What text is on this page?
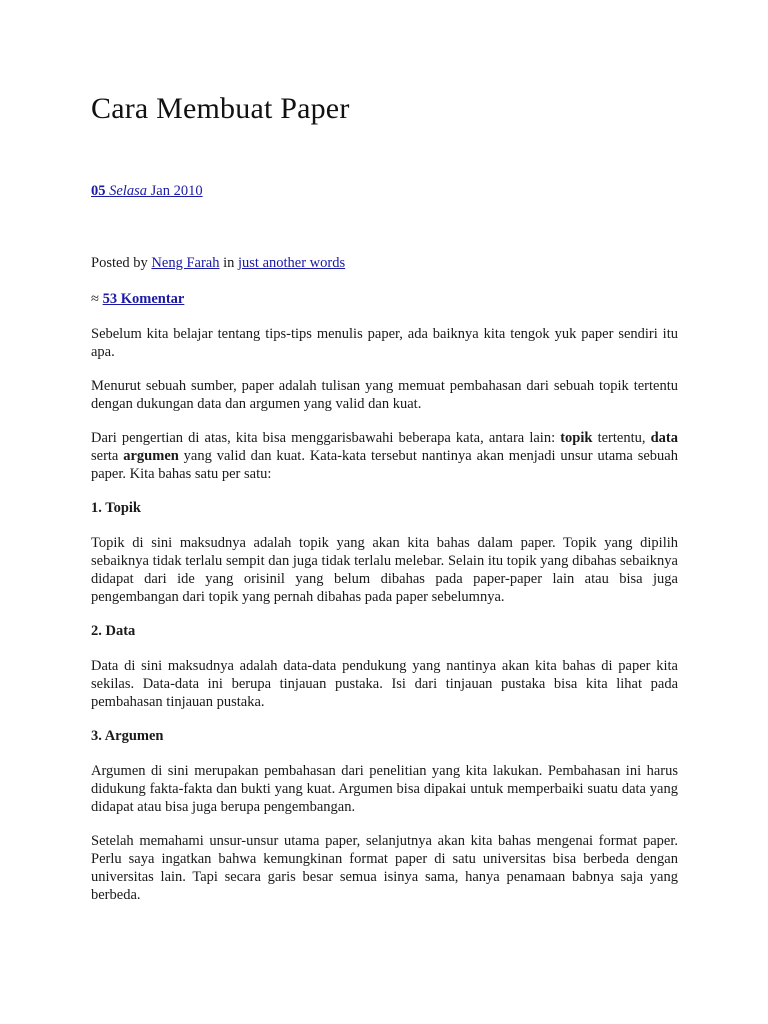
Cara Membuat Paper
05 Selasa Jan 2010
Posted by Neng Farah in just another words
≈ 53 Komentar

Sebelum kita belajar tentang tips-tips menulis paper, ada baiknya kita tengok yuk paper sendiri itu apa.

Menurut sebuah sumber, paper adalah tulisan yang memuat pembahasan dari sebuah topik tertentu dengan dukungan data dan argumen yang valid dan kuat.

Dari pengertian di atas, kita bisa menggarisbawahi beberapa kata, antara lain: topik tertentu, data serta argumen yang valid dan kuat. Kata-kata tersebut nantinya akan menjadi unsur utama sebuah paper. Kita bahas satu per satu:

1. Topik

Topik di sini maksudnya adalah topik yang akan kita bahas dalam paper. Topik yang dipilih sebaiknya tidak terlalu sempit dan juga tidak terlalu melebar. Selain itu topik yang dibahas sebaiknya didapat dari ide yang orisinil yang belum dibahas pada paper-paper lain atau bisa juga pengembangan dari topik yang pernah dibahas pada paper sebelumnya.

2. Data

Data di sini maksudnya adalah data-data pendukung yang nantinya akan kita bahas di paper kita sekilas. Data-data ini berupa tinjauan pustaka. Isi dari tinjauan pustaka bisa kita lihat pada pembahasan tinjauan pustaka.

3. Argumen

Argumen di sini merupakan pembahasan dari penelitian yang kita lakukan. Pembahasan ini harus didukung fakta-fakta dan bukti yang kuat. Argumen bisa dipakai untuk memperbaiki suatu data yang didapat atau bisa juga berupa pengembangan.

Setelah memahami unsur-unsur utama paper, selanjutnya akan kita bahas mengenai format paper. Perlu saya ingatkan bahwa kemungkinan format paper di satu universitas bisa berbeda dengan universitas lain. Tapi secara garis besar semua isinya sama, hanya penamaan babnya saja yang berbeda.
